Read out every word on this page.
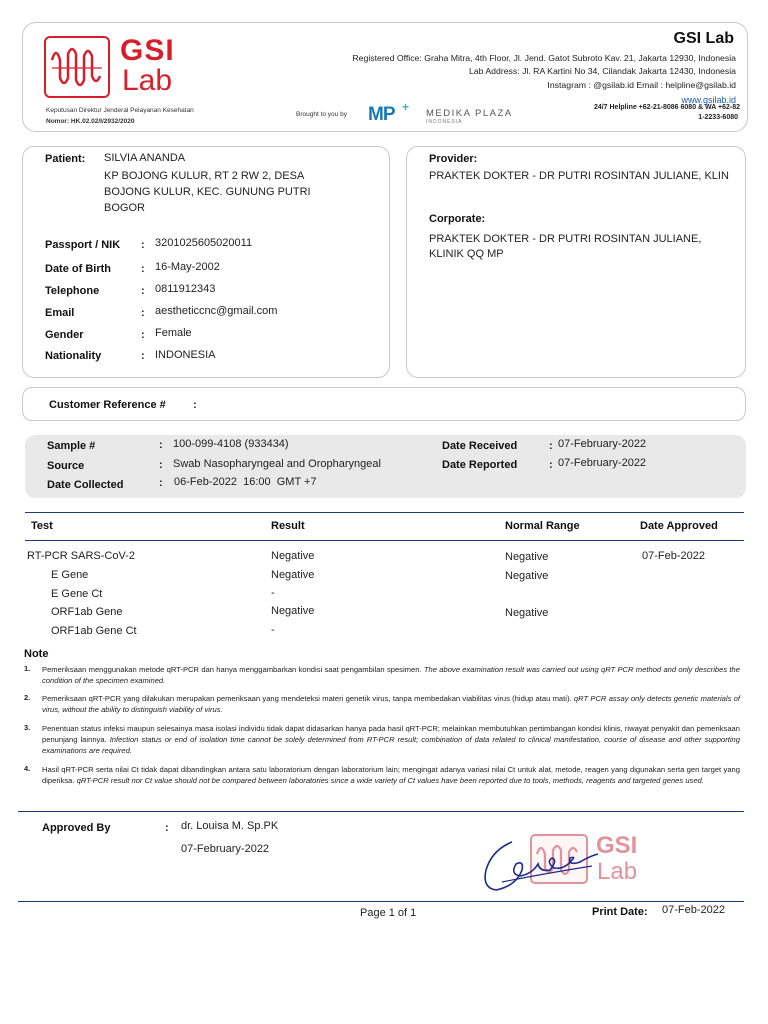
GSI
Lab
Keputusan Direktur Jenderal Pelayanan Kesehatan
Nomor: HK.02.02/I/2932/2020
Brought to you by MP + MEDIKA PLAZA
INDONESIA
GSI Lab
Registered Office: Graha Mitra, 4th Floor, Jl. Jend. Gatot Subroto Kav. 21, Jakarta 12930, Indonesia
Lab Address: Jl. RA Kartini No 34, Cilandak Jakarta 12430, Indonesia
Instagram : @gsilab.id Email : helpline@gsilab.id
www.gsilab.id
24/7 Helpline +62-21-8086 6080 & WA +62-82
1-2233-6080
Patient: SILVIA ANANDA
KP BOJONG KULUR, RT 2 RW 2, DESA BOJONG KULUR, KEC. GUNUNG PUTRI BOGOR
Passport / NIK : 3201025605020011
Date of Birth	: 16-May-2002
Telephone	: 0811912343
Email	: aestheticcnc@gmail.com
Gender	: Female
Nationality	: INDONESIA
Provider:
PRAKTEK DOKTER - DR PUTRI ROSINTAN JULIANE, KLIN
Corporate:
PRAKTEK DOKTER - DR PUTRI ROSINTAN JULIANE, KLINIK QQ MP
Customer Reference # :
Sample #	: 100-099-4108 (933434)
Source	: Swab Nasopharyngeal and Oropharyngeal
Date Collected	: 06-Feb-2022  16:00  GMT +7
Date Received	: 07-February-2022
Date Reported	: 07-February-2022
Test	Result	Normal Range	Date Approved
RT-PCR SARS-CoV-2	Negative	Negative	07-Feb-2022
E Gene	Negative	Negative
E Gene Ct	-
ORF1ab Gene	Negative	Negative
ORF1ab Gene Ct	-
Note
1. Pemeriksaan menggunakan metode qRT-PCR dan hanya menggambarkan kondisi saat pengambilan spesimen. The above examination result was carried out using qRT PCR method and only describes the condition of the specimen examined.

2. Pemeriksaan qRT-PCR yang dilakukan merupakan pemeriksaan yang mendeteksi materi genetik virus, tanpa membedakan viabilitas virus (hidup atau mati). qRT PCR assay only detects genetic materials of virus, without the ability to distinguish viability of virus.

3. Penentuan status infeksi maupun selesainya masa isolasi individu tidak dapat didasarkan hanya pada hasil qRT-PCR; melainkan membutuhkan pertimbangan kondisi klinis, riwayat penyakit dan pemeriksaan penunjang lainnya. Infection status or end of isolation time cannot be solely determined from RT-PCR result; combination of data related to clinical manifestation, course of disease and other supporting examinations are required.

4. Hasil qRT-PCR serta nilai Ct tidak dapat dibandingkan antara satu laboratorium dengan laboratorium lain; mengingat adanya variasi nilai Ct untuk alat, metode, reagen yang digunakan serta gen target yang diperiksa. qRT-PCR result nor Ct value should not be compared between laboratories since a wide variety of Ct values have been reported due to tools, methods, reagents and targeted genes used.

Approved By	: dr. Louisa M. Sp.PK
07-February-2022	GSI
Lab
Page 1 of 1	Print Date: 07-Feb-2022
